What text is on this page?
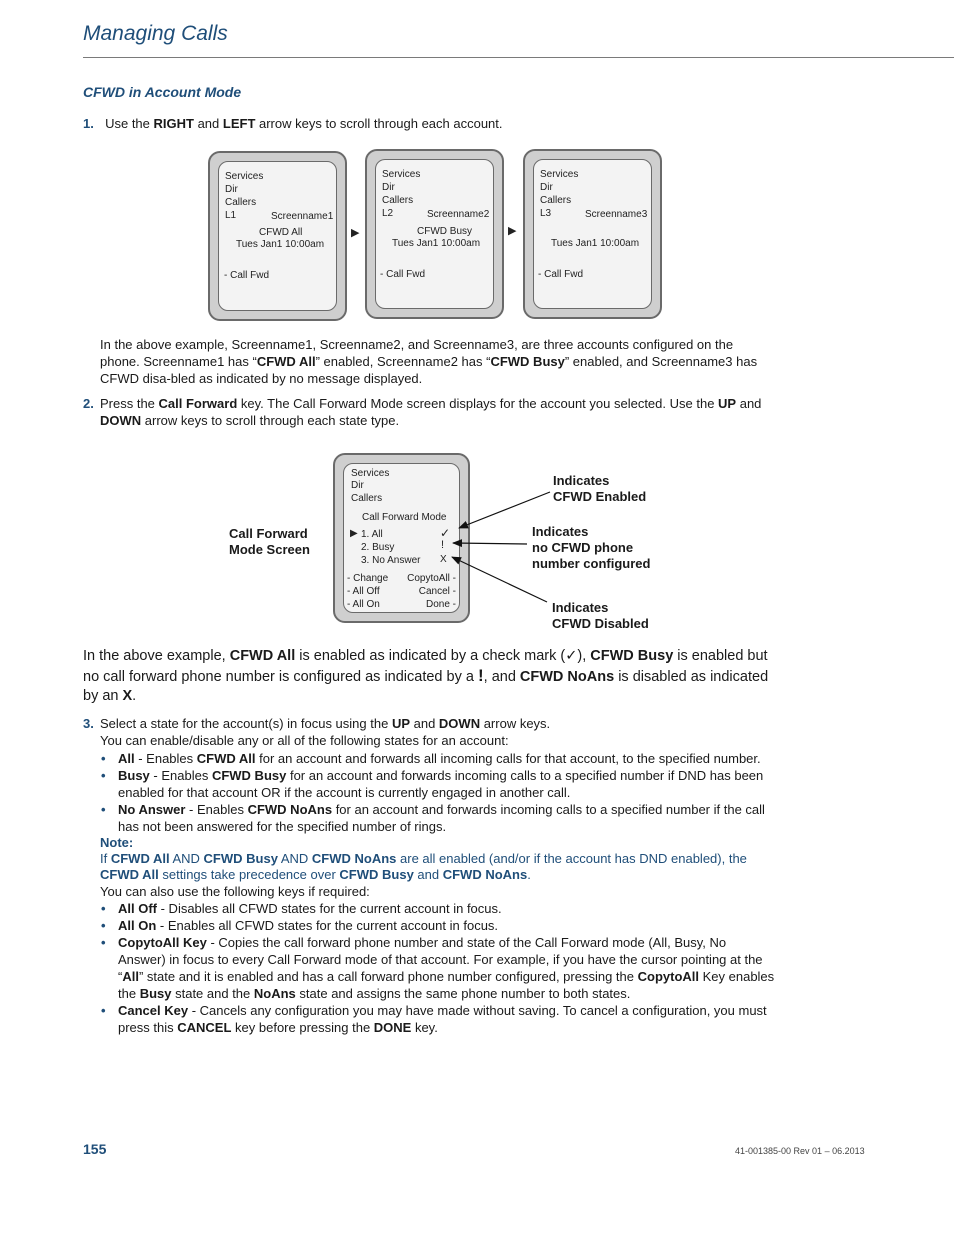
Managing Calls
CFWD in Account Mode
1. Use the RIGHT and LEFT arrow keys to scroll through each account.
Services
Dir
Callers
L1	Screenname1
CFWD All
Tues Jan1 10:00am
- Call Fwd
▶
Services
Dir
Callers
L2	Screenname2
CFWD Busy
Tues Jan1 10:00am
- Call Fwd
▶
Services
Dir
Callers
L3	Screenname3
Tues Jan1 10:00am
- Call Fwd
In the above example, Screenname1, Screenname2, and Screenname3, are three accounts configured on the phone. Screenname1 has “CFWD All” enabled, Screenname2 has “CFWD Busy” enabled, and Screenname3 has CFWD disa-bled as indicated by no message displayed.
2. Press the Call Forward key. The Call Forward Mode screen displays for the account you selected. Use the UP and DOWN arrow keys to scroll through each state type.
Services
Dir
Callers
Call Forward Mode
▶ 1. All
2. Busy
3. No Answer
✓
!
X
- Change CopytoAll -
- All Off	Cancel -
- All On	Done -
Call Forward
Mode Screen
Indicates
CFWD Enabled
Indicates
no CFWD phone
number configured
Indicates
CFWD Disabled
In the above example, CFWD All is enabled as indicated by a check mark (✓), CFWD Busy is enabled but no call forward phone number is configured as indicated by a !, and CFWD NoAns is disabled as indicated by an X.
3. Select a state for the account(s) in focus using the UP and DOWN arrow keys.
You can enable/disable any or all of the following states for an account:
• All - Enables CFWD All for an account and forwards all incoming calls for that account, to the specified number.
• Busy - Enables CFWD Busy for an account and forwards incoming calls to a specified number if DND has been enabled for that account OR if the account is currently engaged in another call.
• No Answer - Enables CFWD NoAns for an account and forwards incoming calls to a specified number if the call has not been answered for the specified number of rings.
Note:
If CFWD All AND CFWD Busy AND CFWD NoAns are all enabled (and/or if the account has DND enabled), the CFWD All settings take precedence over CFWD Busy and CFWD NoAns.
You can also use the following keys if required:
• All Off - Disables all CFWD states for the current account in focus.
• All On - Enables all CFWD states for the current account in focus.
• CopytoAll Key - Copies the call forward phone number and state of the Call Forward mode (All, Busy, No Answer) in focus to every Call Forward mode of that account. For example, if you have the cursor pointing at the “All” state and it is enabled and has a call forward phone number configured, pressing the CopytoAll Key enables the Busy state and the NoAns state and assigns the same phone number to both states.
• Cancel Key - Cancels any configuration you may have made without saving. To cancel a configuration, you must press this CANCEL key before pressing the DONE key.
155	41-001385-00 Rev 01 – 06.2013
